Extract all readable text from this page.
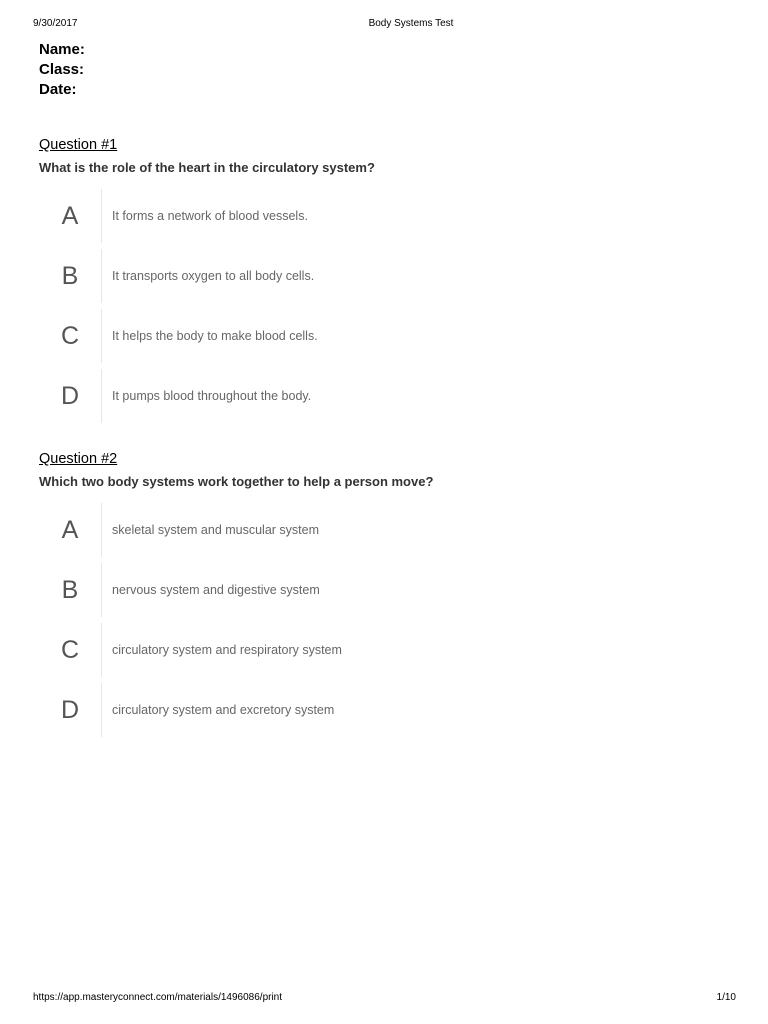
9/30/2017	Body Systems Test
Name:
Class:
Date:
Question #1
What is the role of the heart in the circulatory system?
A	It forms a network of blood vessels.
B	It transports oxygen to all body cells.
C	It helps the body to make blood cells.
D	It pumps blood throughout the body.
Question #2
Which two body systems work together to help a person move?
A	skeletal system and muscular system
B	nervous system and digestive system
C	circulatory system and respiratory system
D	circulatory system and excretory system
https://app.masteryconnect.com/materials/1496086/print	1/10
